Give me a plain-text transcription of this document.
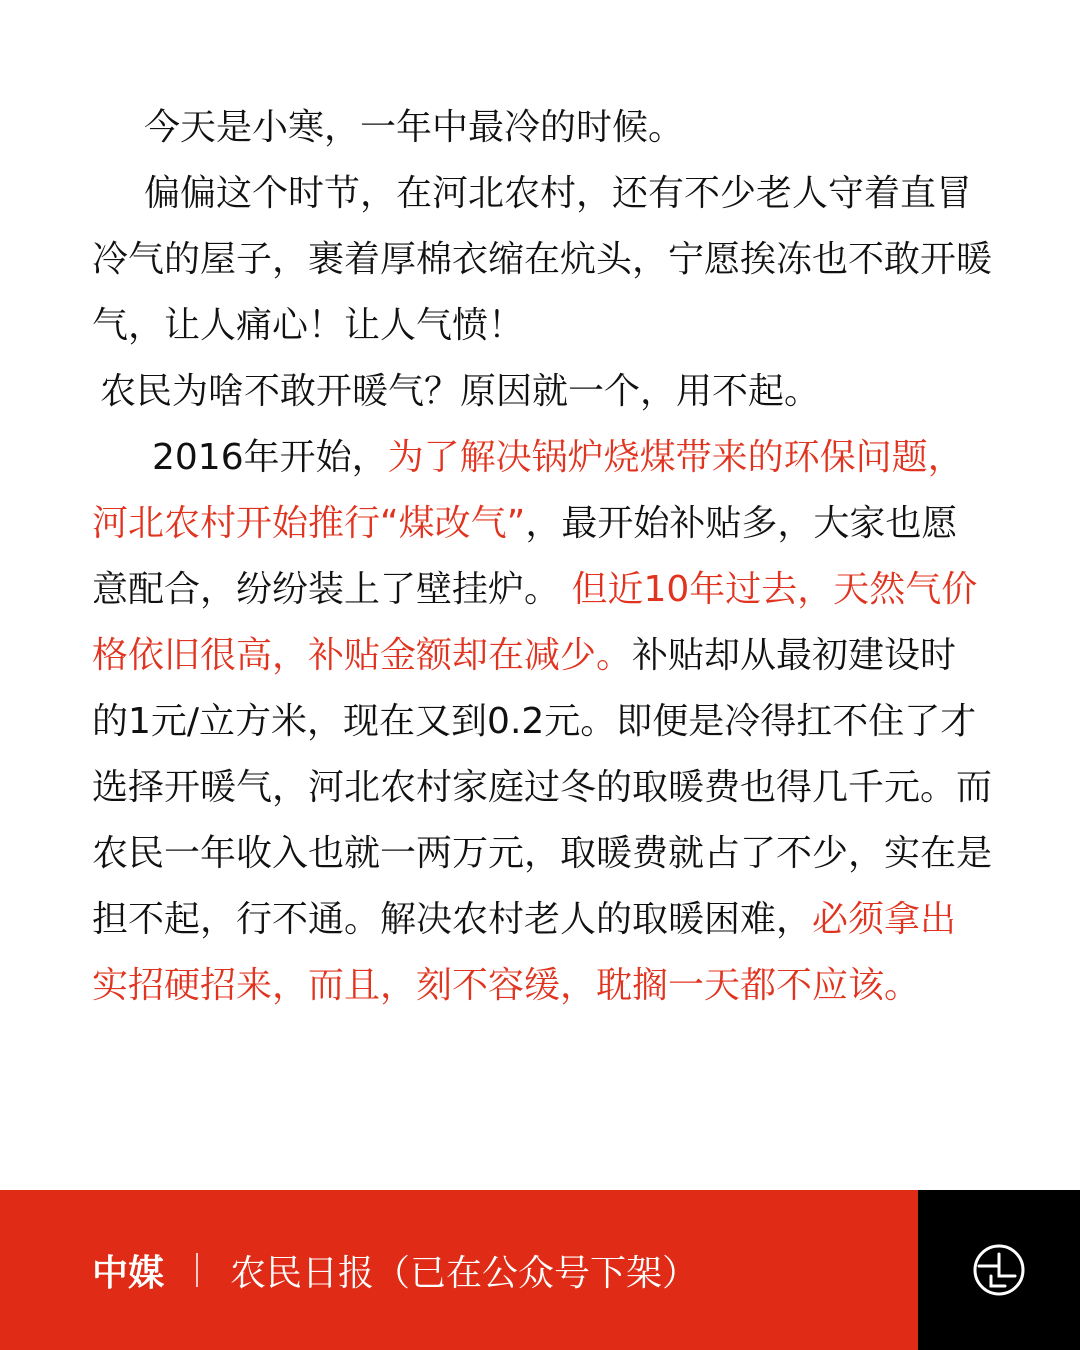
今天是小寒，一年中最冷的时候。

偏偏这个时节，在河北农村，还有不少老人守着直冒冷气的屋子，裹着厚棉衣缩在炕头，宁愿挨冻也不敢开暖气，让人痛心！让人气愤！

农民为啥不敢开暖气？原因就一个，用不起。

2016年开始，为了解决锅炉烧煤带来的环保问题，河北农村开始推行“煤改气”，最开始补贴多，大家也愿意配合，纷纷装上了壁挂炉。 但近10年过去，天然气价格依旧很高，补贴金额却在减少。补贴却从最初建设时的1元/立方米，现在又到0.2元。即便是冷得扛不住了才选择开暖气，河北农村家庭过冬的取暖费也得几千元。而农民一年收入也就一两万元，取暖费就占了不少，实在是担不起，行不通。解决农村老人的取暖困难，必须拿出实招硬招来，而且，刻不容缓，耽搁一天都不应该。

中媒 农民日报（已在公众号下架）
